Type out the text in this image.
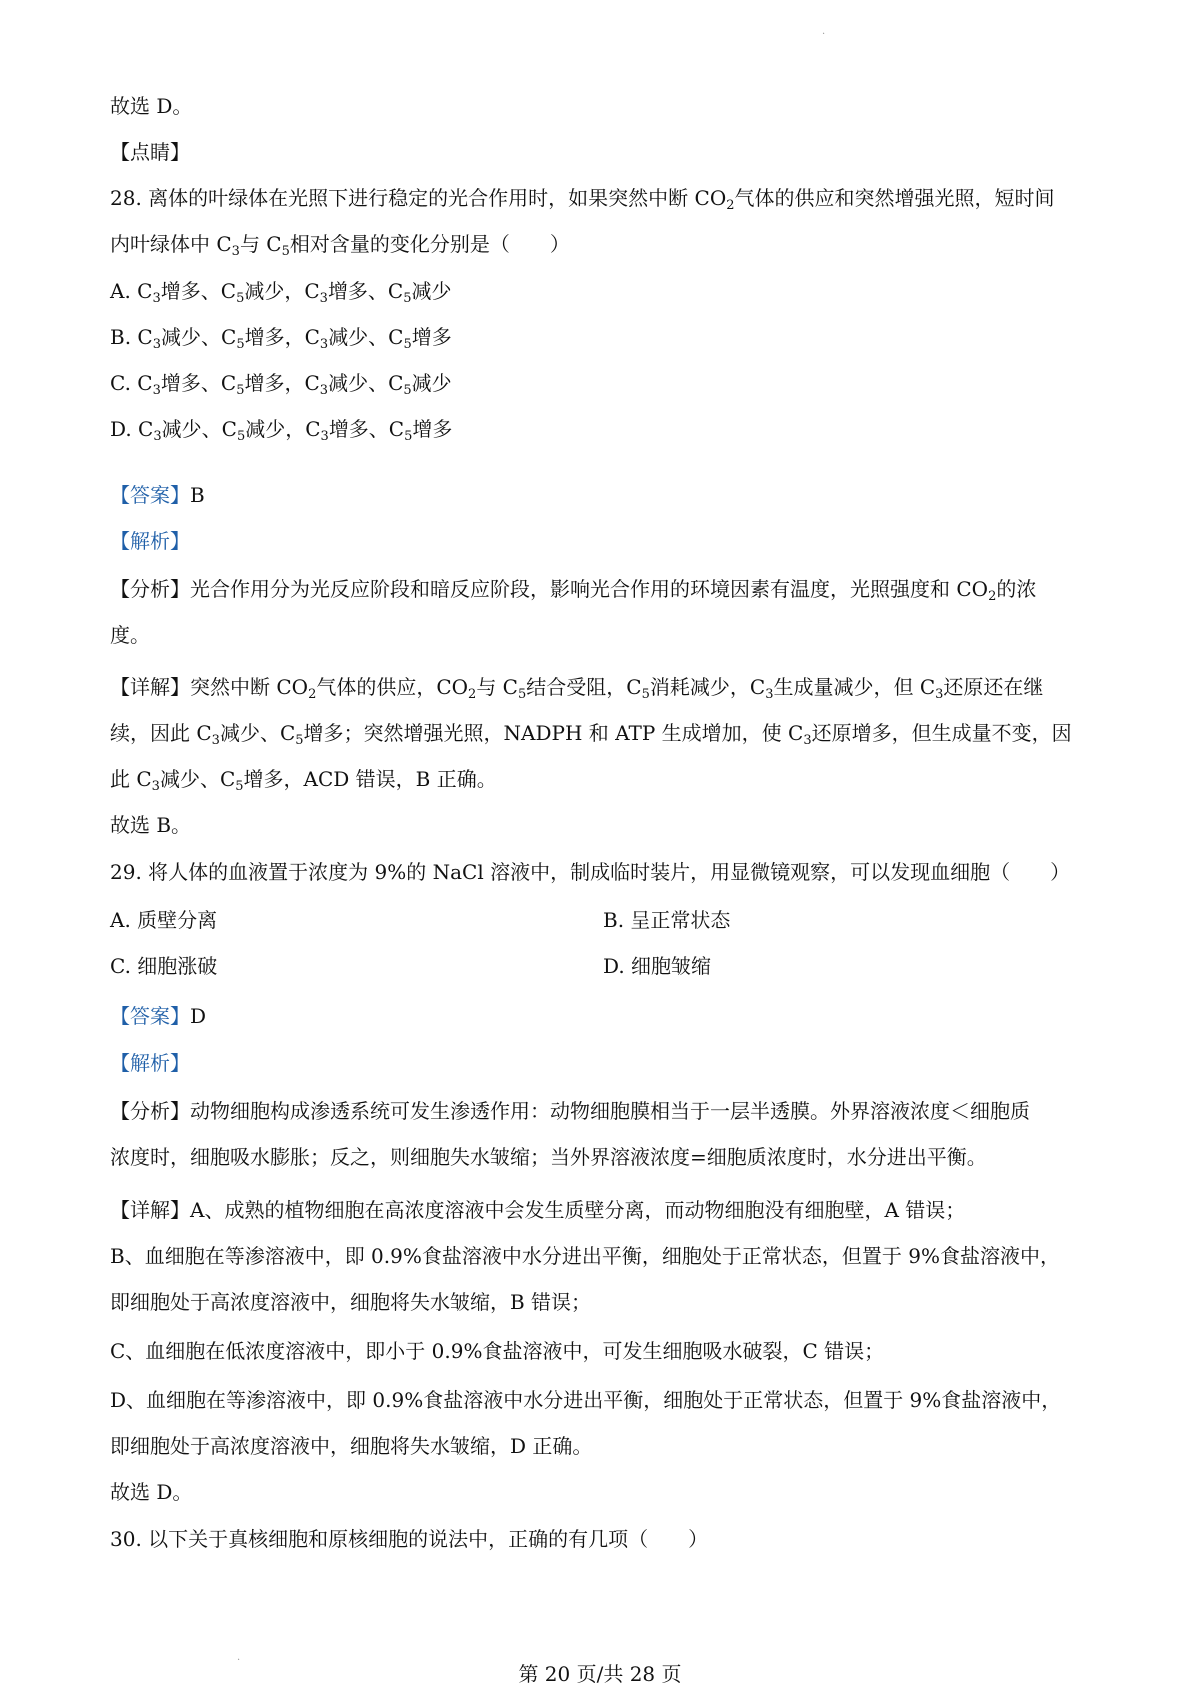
.
.
故选 D。
【点睛】
28. 离体的叶绿体在光照下进行稳定的光合作用时，如果突然中断 $CO_2$气体的供应和突然增强光照，短时间
内叶绿体中 $C_3$与 $C_5$相对含量的变化分别是（　　）
A. $C_3$增多、$C_5$减少，$C_3$增多、$C_5$减少
B. $C_3$减少、$C_5$增多，$C_3$减少、$C_5$增多
C. $C_3$增多、$C_5$增多，$C_3$减少、$C_5$减少
D. $C_3$减少、$C_5$减少，$C_3$增多、$C_5$增多
【答案】B
【解析】
【分析】光合作用分为光反应阶段和暗反应阶段，影响光合作用的环境因素有温度，光照强度和 $CO_2$的浓
度。
【详解】突然中断 $CO_2$气体的供应，$CO_2$与 $C_5$结合受阻，$C_5$消耗减少，$C_3$生成量减少，但 $C_3$还原还在继
续，因此 $C_3$减少、$C_5$增多；突然增强光照，NADPH 和 ATP 生成增加，使 $C_3$还原增多，但生成量不变，因
此 $C_3$减少、$C_5$增多，ACD 错误，B 正确。
故选 B。
29. 将人体的血液置于浓度为 9%的 NaCl 溶液中，制成临时装片，用显微镜观察，可以发现血细胞（　　）
A. 质壁分离	B. 呈正常状态
C. 细胞涨破	D. 细胞皱缩
【答案】D
【解析】
【分析】动物细胞构成渗透系统可发生渗透作用：动物细胞膜相当于一层半透膜。外界溶液浓度＜细胞质
浓度时，细胞吸水膨胀；反之，则细胞失水皱缩；当外界溶液浓度=细胞质浓度时，水分进出平衡。
【详解】A、成熟的植物细胞在高浓度溶液中会发生质壁分离，而动物细胞没有细胞壁，A 错误；
B、血细胞在等渗溶液中，即 0.9%食盐溶液中水分进出平衡，细胞处于正常状态，但置于 9%食盐溶液中，
即细胞处于高浓度溶液中，细胞将失水皱缩，B 错误；
C、血细胞在低浓度溶液中，即小于 0.9%食盐溶液中，可发生细胞吸水破裂，C 错误；
D、血细胞在等渗溶液中，即 0.9%食盐溶液中水分进出平衡，细胞处于正常状态，但置于 9%食盐溶液中，
即细胞处于高浓度溶液中，细胞将失水皱缩，D 正确。
故选 D。
30. 以下关于真核细胞和原核细胞的说法中，正确的有几项（　　）
第 20 页/共 28 页
